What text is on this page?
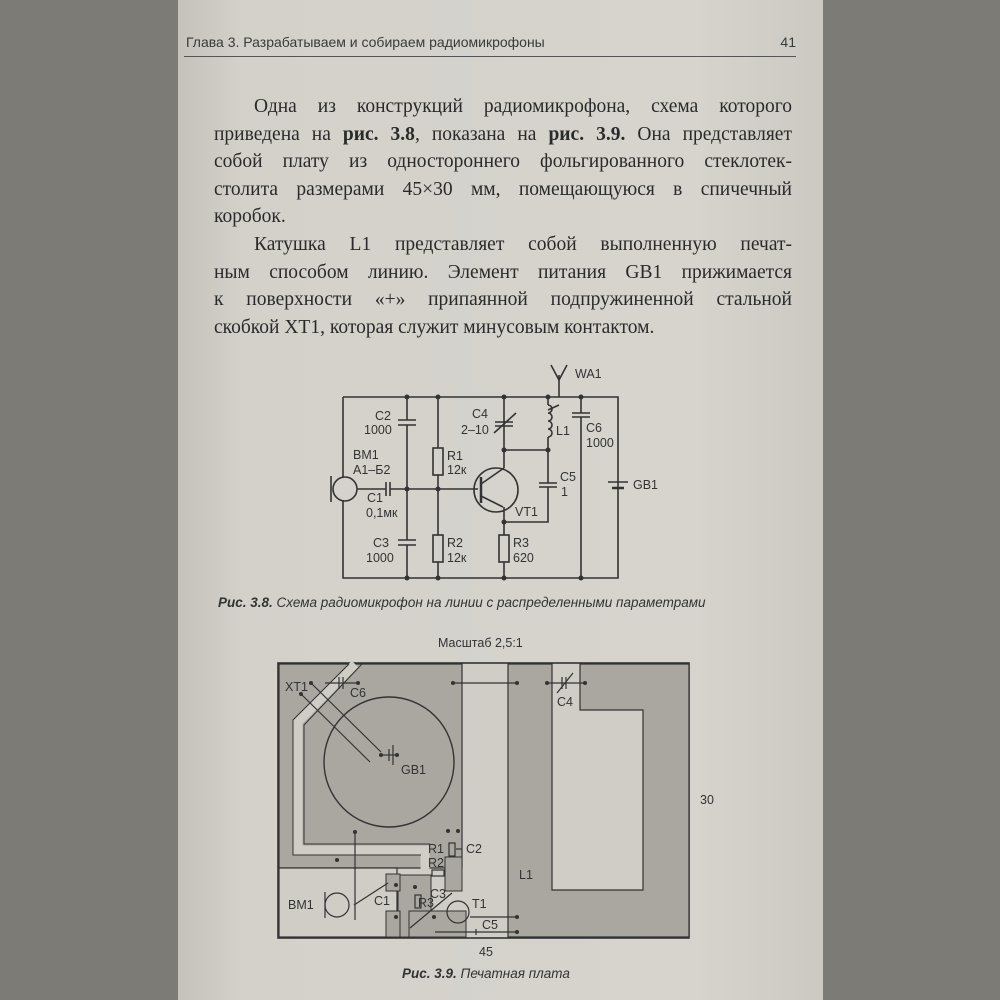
Глава 3. Разрабатываем и собираем радиомикрофоны	41
Одна из конструкций радиомикрофона, схема которого
приведена на рис. 3.8, показана на рис. 3.9. Она представляет
собой плату из одностороннего фольгированного стеклотек-
столита размерами 45×30 мм, помещающуюся в спичечный
коробок.
Катушка L1 представляет собой выполненную печат-
ным способом линию. Элемент питания GB1 прижимается
к поверхности «+» припаянной подпружиненной стальной
скобкой XT1, которая служит минусовым контактом.
WA1
C2
1000
C4
2–10	L1 C6
1000
BM1
А1–Б2
R1
12к	C5
1	GB1
C1
0,1мк	VT1
C3
1000
R2
12к
R3
620
Масштаб 2,5:1
XT1	C6
C4
GB1
R1 C2
R2
C3
BM1	C1 R3	T1
C5
L1
30
45
Рис. 3.8. Схема радиомикрофон на линии с распределенными параметрами
Рис. 3.9. Печатная плата
